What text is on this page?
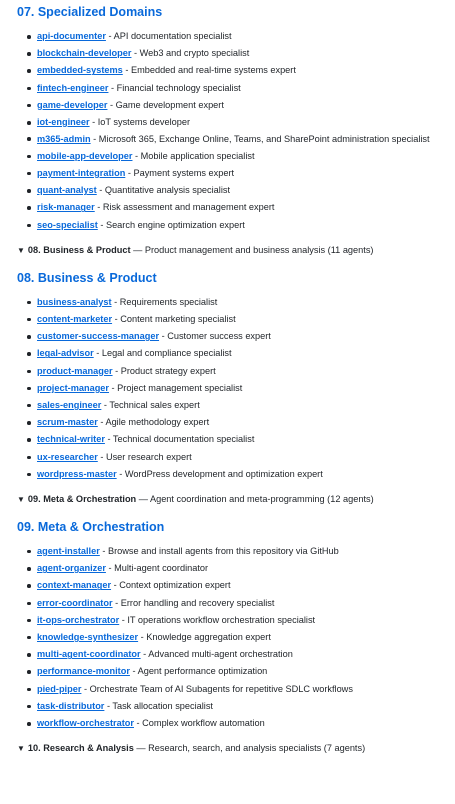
07. Specialized Domains
api-documenter - API documentation specialist
blockchain-developer - Web3 and crypto specialist
embedded-systems - Embedded and real-time systems expert
fintech-engineer - Financial technology specialist
game-developer - Game development expert
iot-engineer - IoT systems developer
m365-admin - Microsoft 365, Exchange Online, Teams, and SharePoint administration specialist
mobile-app-developer - Mobile application specialist
payment-integration - Payment systems expert
quant-analyst - Quantitative analysis specialist
risk-manager - Risk assessment and management expert
seo-specialist - Search engine optimization expert
▼ 08. Business & Product — Product management and business analysis (11 agents)
08. Business & Product
business-analyst - Requirements specialist
content-marketer - Content marketing specialist
customer-success-manager - Customer success expert
legal-advisor - Legal and compliance specialist
product-manager - Product strategy expert
project-manager - Project management specialist
sales-engineer - Technical sales expert
scrum-master - Agile methodology expert
technical-writer - Technical documentation specialist
ux-researcher - User research expert
wordpress-master - WordPress development and optimization expert
▼ 09. Meta & Orchestration — Agent coordination and meta-programming (12 agents)
09. Meta & Orchestration
agent-installer - Browse and install agents from this repository via GitHub
agent-organizer - Multi-agent coordinator
context-manager - Context optimization expert
error-coordinator - Error handling and recovery specialist
it-ops-orchestrator - IT operations workflow orchestration specialist
knowledge-synthesizer - Knowledge aggregation expert
multi-agent-coordinator - Advanced multi-agent orchestration
performance-monitor - Agent performance optimization
pied-piper - Orchestrate Team of AI Subagents for repetitive SDLC workflows
task-distributor - Task allocation specialist
workflow-orchestrator - Complex workflow automation
▼ 10. Research & Analysis — Research, search, and analysis specialists (7 agents)
